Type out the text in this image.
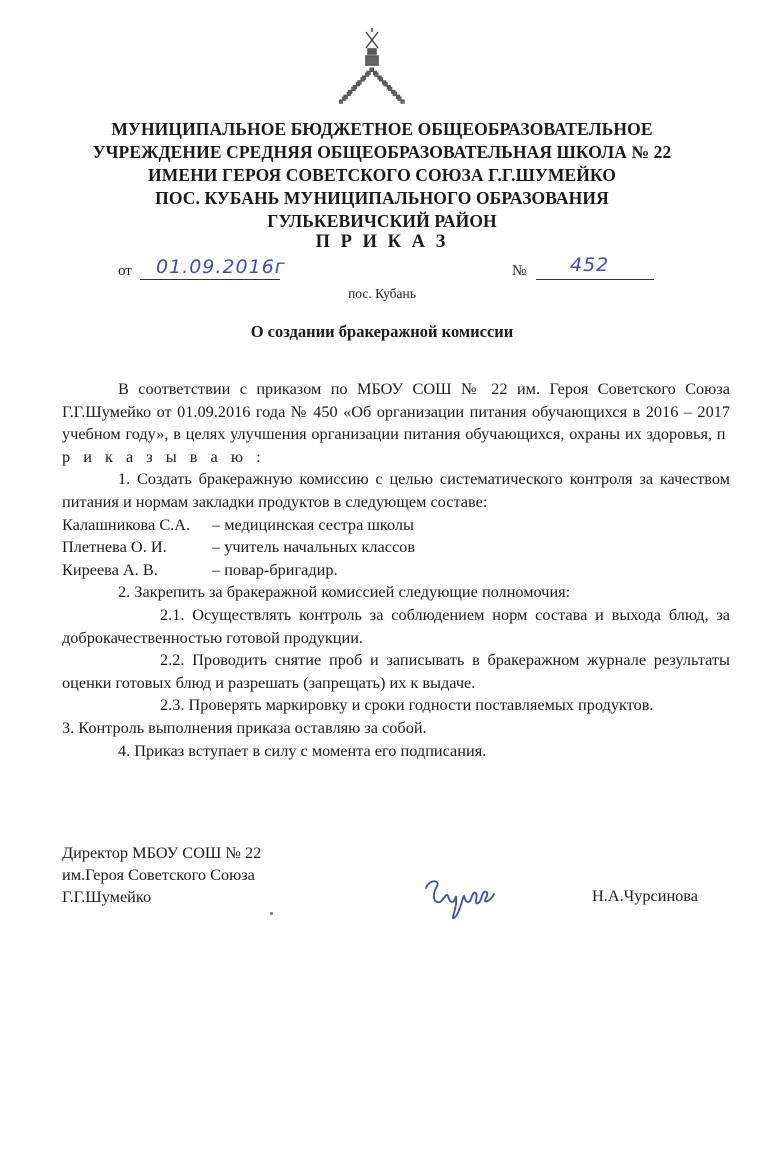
МУНИЦИПАЛЬНОЕ БЮДЖЕТНОЕ ОБЩЕОБРАЗОВАТЕЛЬНОЕ
УЧРЕЖДЕНИЕ СРЕДНЯЯ ОБЩЕОБРАЗОВАТЕЛЬНАЯ ШКОЛА № 22
ИМЕНИ ГЕРОЯ СОВЕТСКОГО СОЮЗА Г.Г.ШУМЕЙКО
ПОС. КУБАНЬ МУНИЦИПАЛЬНОГО ОБРАЗОВАНИЯ
ГУЛЬКЕВИЧСКИЙ РАЙОН
П Р И К А З
от 01.09.2016г	№ 452
пос. Кубань
О создании бракеражной комиссии

В соответствии с приказом по МБОУ СОШ № 22 им. Героя Советского Союза Г.Г.Шумейко от 01.09.2016 года № 450 «Об организации питания обучающихся в 2016 – 2017 учебном году», в целях улучшения организации питания обучающихся, охраны их здоровья, п р и к а з ы в а ю :

1. Создать бракеражную комиссию с целью систематического контроля за качеством питания и нормам закладки продуктов в следующем составе:

Калашникова С.А.	– медицинская сестра школы
Плетнева О. И.	– учитель начальных классов
Киреева А. В.	– повар-бригадир.

2. Закрепить за бракеражной комиссией следующие полномочия:

2.1. Осуществлять контроль за соблюдением норм состава и выхода блюд, за доброкачественностью готовой продукции.

2.2. Проводить снятие проб и записывать в бракеражном журнале результаты оценки готовых блюд и разрешать (запрещать) их к выдаче.

2.3. Проверять маркировку и сроки годности поставляемых продуктов.

3. Контроль выполнения приказа оставляю за собой.

4. Приказ вступает в силу с момента его подписания.

Директор МБОУ СОШ № 22
им.Героя Советского Союза
Г.Г.Шумейко	Н.А.Чурсинова
